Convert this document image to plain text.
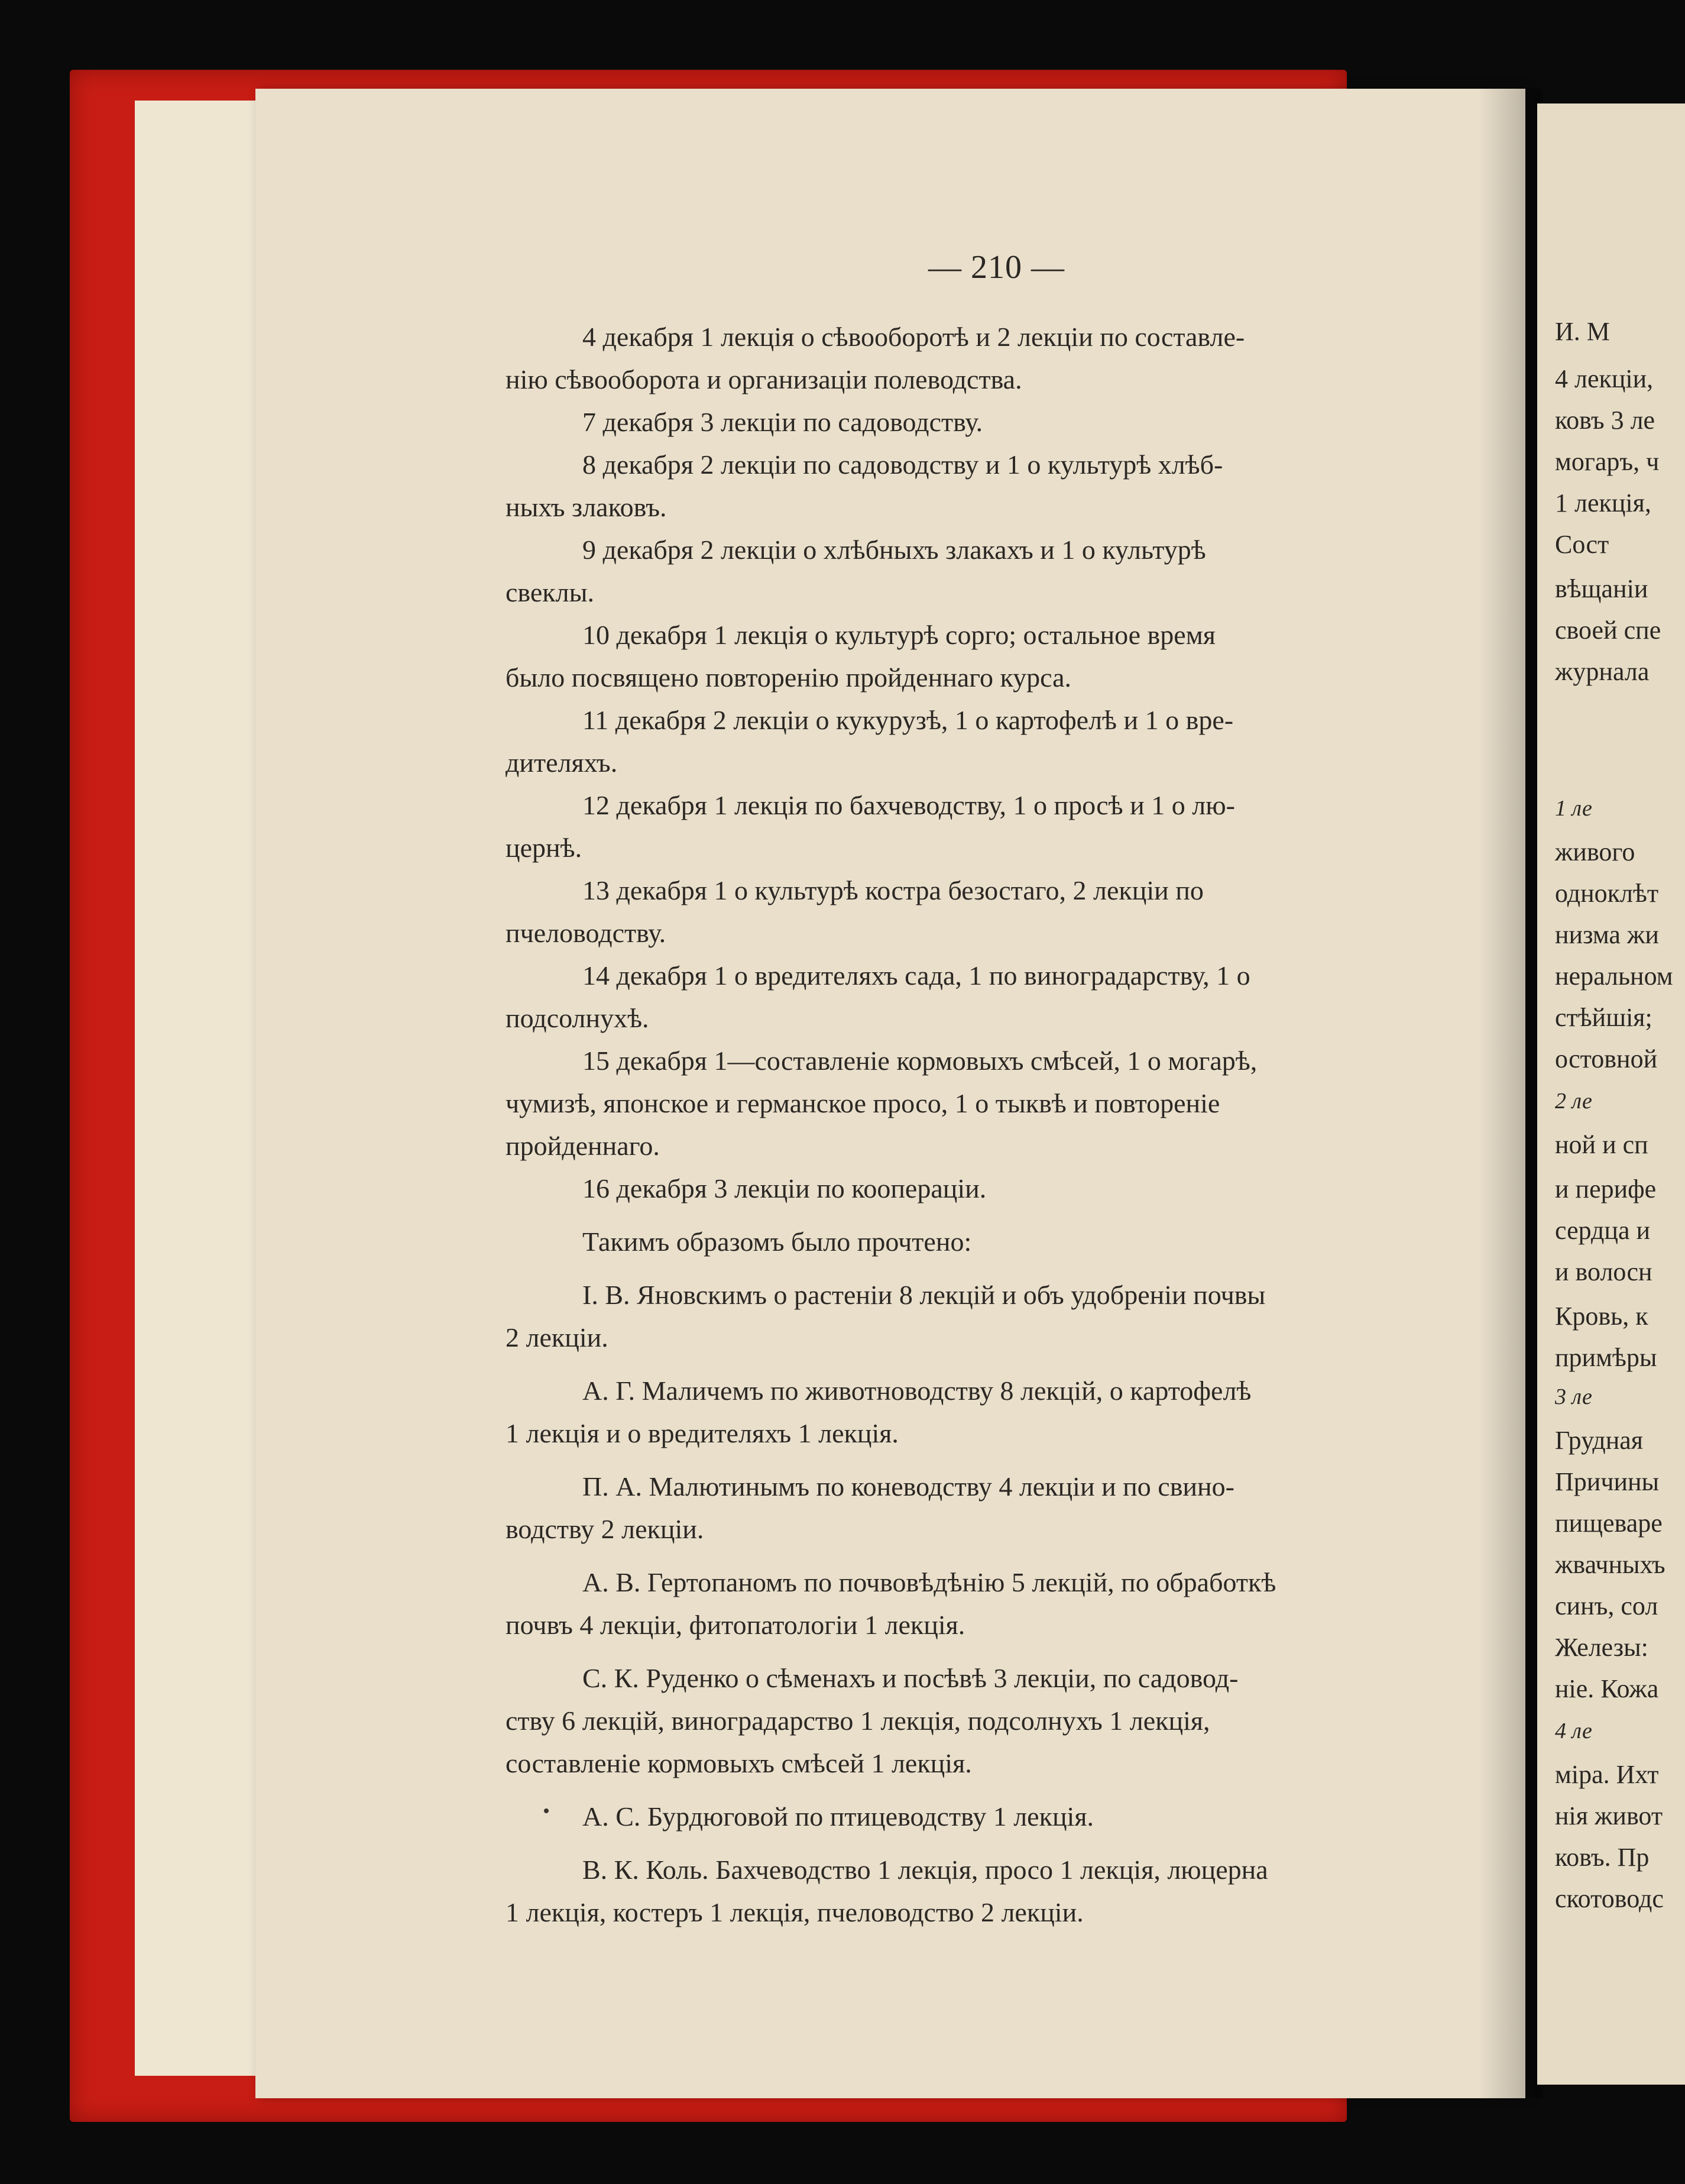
— 210 —
4 декабря 1 лекція о сѣвооборотѣ и 2 лекціи по составле-
нію сѣвооборота и организаціи полеводства.
7 декабря 3 лекціи по садоводству.
8 декабря 2 лекціи по садоводству и 1 о культурѣ хлѣб-
ныхъ злаковъ.
9 декабря 2 лекціи о хлѣбныхъ злакахъ и 1 о культурѣ
свеклы.
10 декабря 1 лекція о культурѣ сорго; остальное время
было посвящено повторенію пройденнаго курса.
11 декабря 2 лекціи о кукурузѣ, 1 о картофелѣ и 1 о вре-
дителяхъ.
12 декабря 1 лекція по бахчеводству, 1 о просѣ и 1 о лю-
цернѣ.
13 декабря 1 о культурѣ костра безостаго, 2 лекціи по
пчеловодству.
14 декабря 1 о вредителяхъ сада, 1 по виноградарству, 1 о
подсолнухѣ.
15 декабря 1—составленіе кормовыхъ смѣсей, 1 о могарѣ,
чумизѣ, японское и германское просо, 1 о тыквѣ и повтореніе
пройденнаго.
16 декабря 3 лекціи по коопераціи.
Такимъ образомъ было прочтено:
I. В. Яновскимъ о растеніи 8 лекцій и объ удобреніи почвы
2 лекціи.
А. Г. Маличемъ по животноводству 8 лекцій, о картофелѣ
1 лекція и о вредителяхъ 1 лекція.
П. А. Малютинымъ по коневодству 4 лекціи и по свино-
водству 2 лекціи.
А. В. Гертопаномъ по почвовѣдѣнію 5 лекцій, по обработкѣ
почвъ 4 лекціи, фитопатологіи 1 лекція.
С. К. Руденко о сѣменахъ и посѣвѣ 3 лекціи, по садовод-
ству 6 лекцій, виноградарство 1 лекція, подсолнухъ 1 лекція,
составленіе кормовыхъ смѣсей 1 лекція.
А. С. Бурдюговой по птицеводству 1 лекція.
В. К. Коль. Бахчеводство 1 лекція, просо 1 лекція, люцерна
1 лекція, костеръ 1 лекція, пчеловодство 2 лекціи.
И. М
4 лекціи,
ковъ 3 ле
могаръ, ч
1 лекція,
Сост
вѣщаніи
своей спе
журнала
1 ле
живого
одноклѣт
низма жи
неральном
стѣйшія;
остовной
2 ле
ной и сп
и перифе
сердца и
и волосн
Кровь, к
примѣры
3 ле
Грудная
Причины
пищеваре
жвачныхъ
синъ, сол
Железы:
ніе. Кожа
4 ле
міра. Ихт
нія живот
ковъ. Пр
скотоводс
